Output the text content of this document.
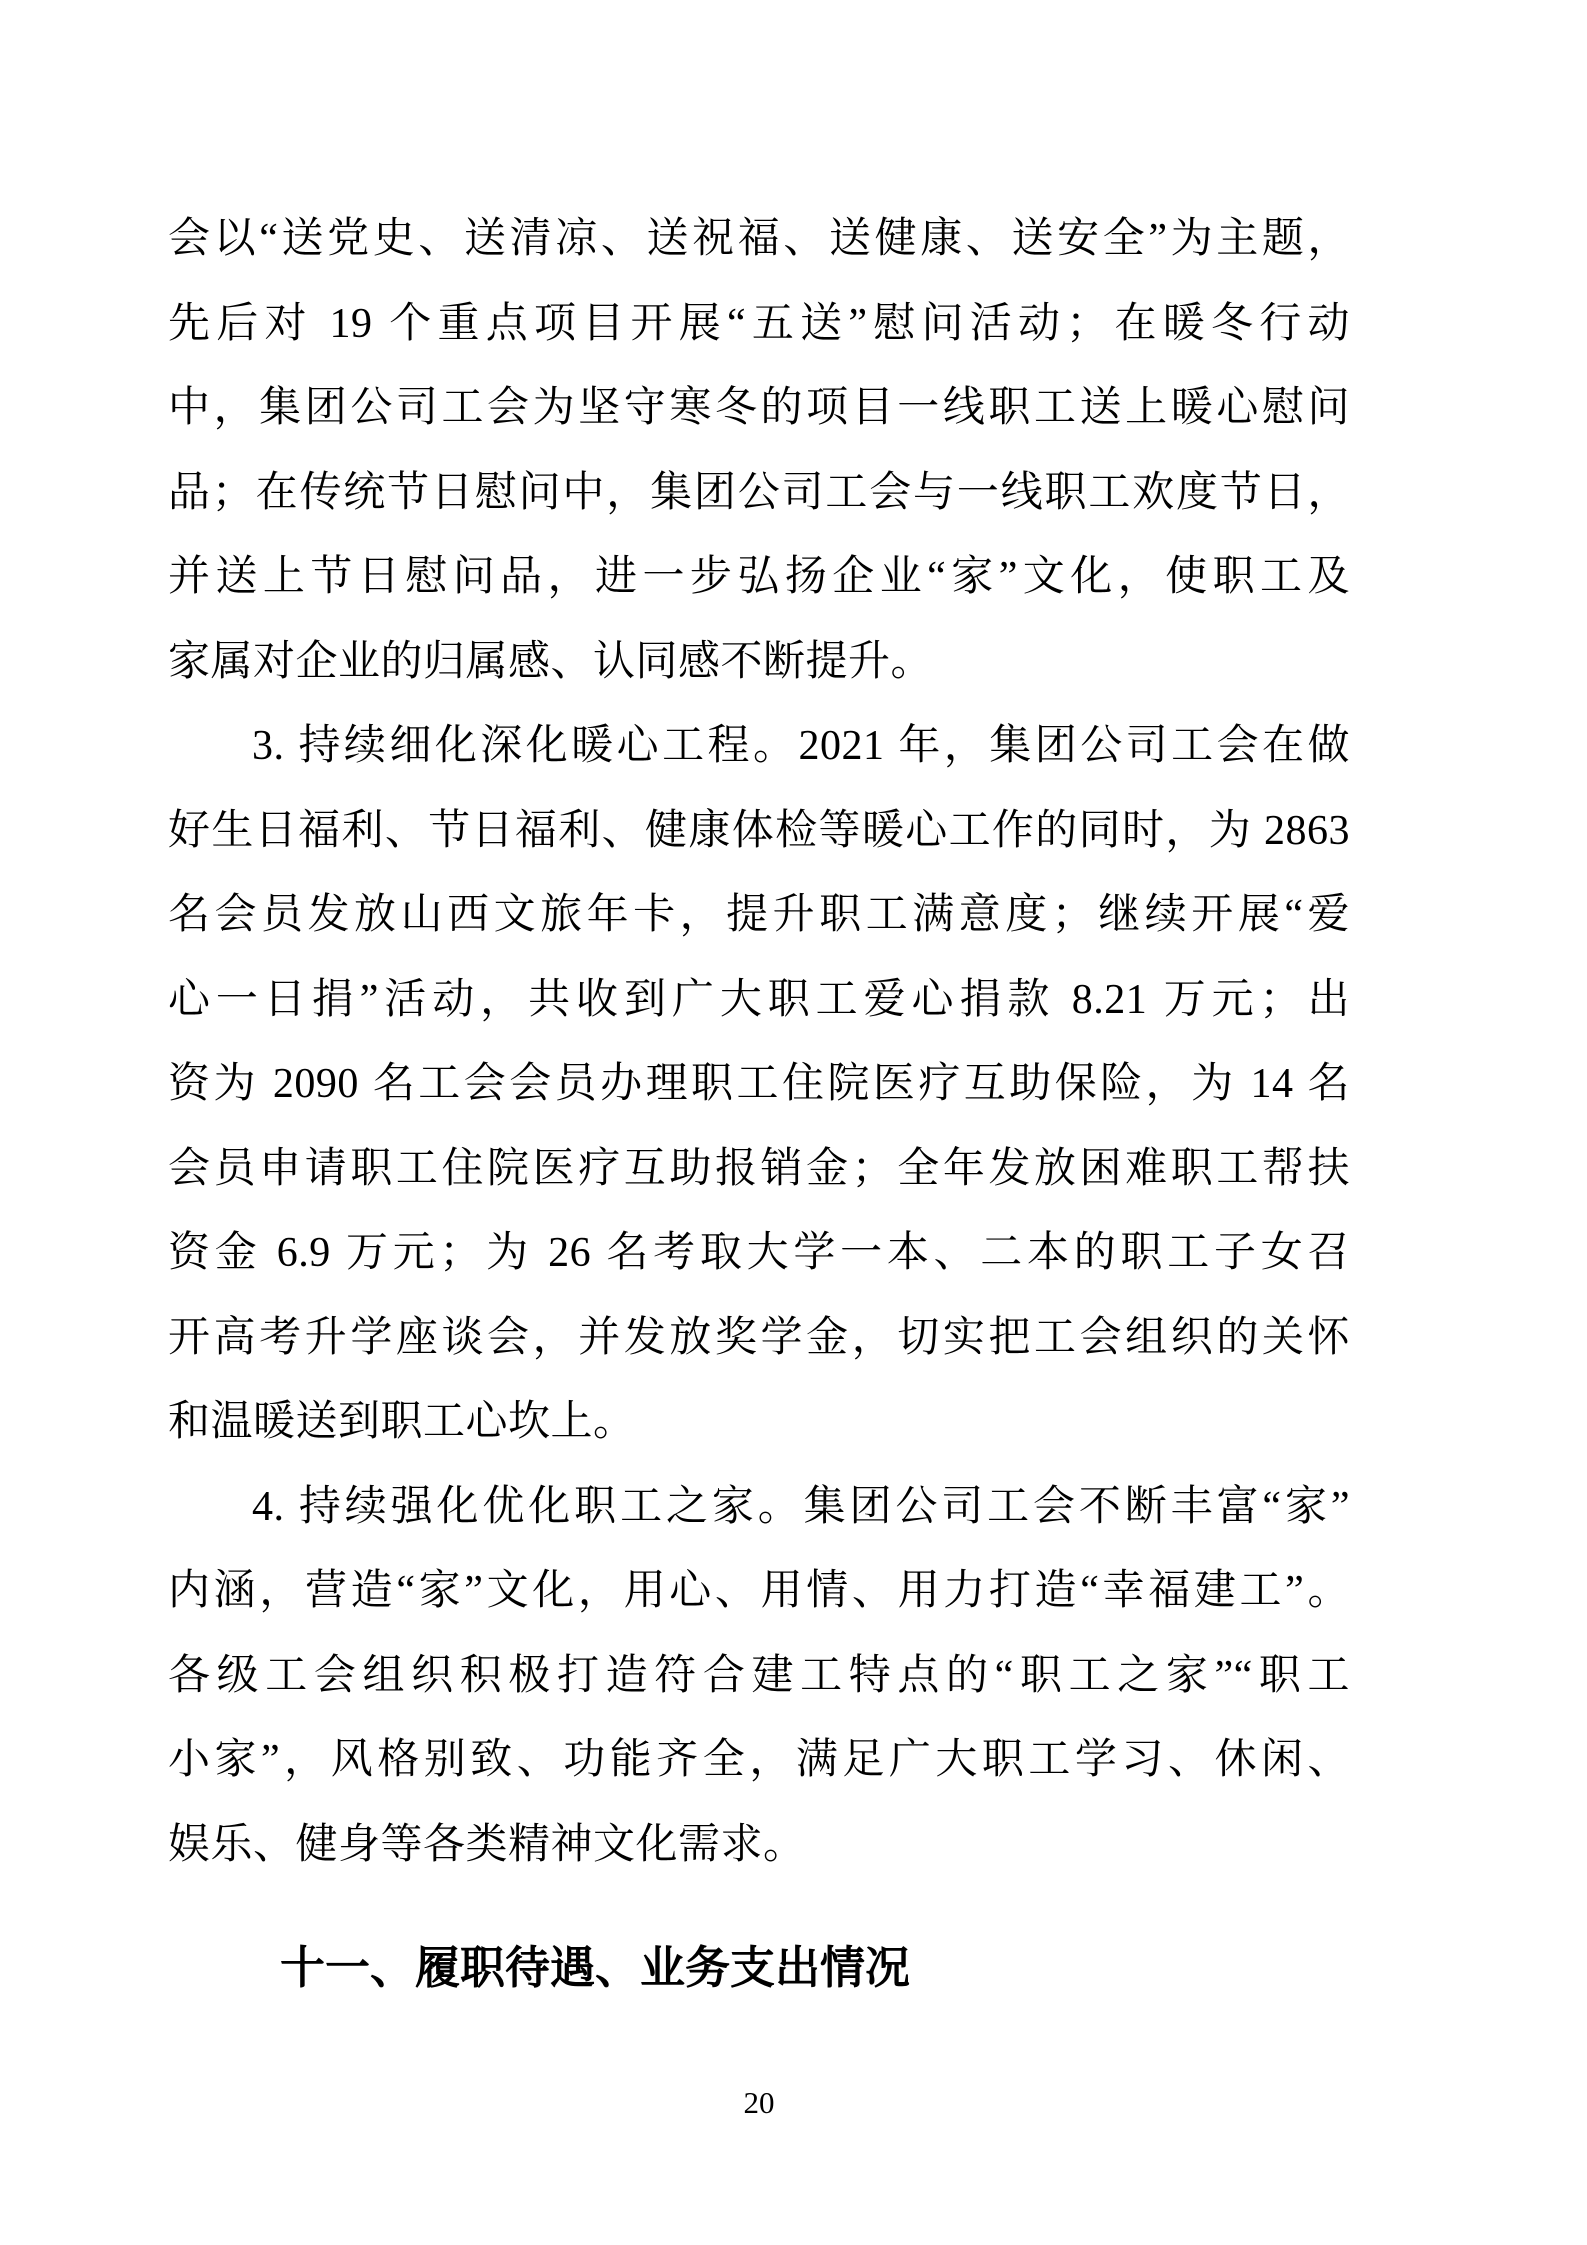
会以“送党史、送清凉、送祝福、送健康、送安全”为主题，
先后对 19 个重点项目开展“五送”慰问活动；在暖冬行动
中，集团公司工会为坚守寒冬的项目一线职工送上暖心慰问
品；在传统节日慰问中，集团公司工会与一线职工欢度节日，
并送上节日慰问品，进一步弘扬企业“家”文化，使职工及
家属对企业的归属感、认同感不断提升。
3. 持续细化深化暖心工程。2021 年，集团公司工会在做
好生日福利、节日福利、健康体检等暖心工作的同时，为 2863
名会员发放山西文旅年卡，提升职工满意度；继续开展“爱
心一日捐”活动，共收到广大职工爱心捐款 8.21 万元；出
资为 2090 名工会会员办理职工住院医疗互助保险，为 14 名
会员申请职工住院医疗互助报销金；全年发放困难职工帮扶
资金 6.9 万元；为 26 名考取大学一本、二本的职工子女召
开高考升学座谈会，并发放奖学金，切实把工会组织的关怀
和温暖送到职工心坎上。
4. 持续强化优化职工之家。集团公司工会不断丰富“家”
内涵，营造“家”文化，用心、用情、用力打造“幸福建工”。
各级工会组织积极打造符合建工特点的“职工之家”“职工
小家”，风格别致、功能齐全，满足广大职工学习、休闲、
娱乐、健身等各类精神文化需求。
十一、履职待遇、业务支出情况
20
